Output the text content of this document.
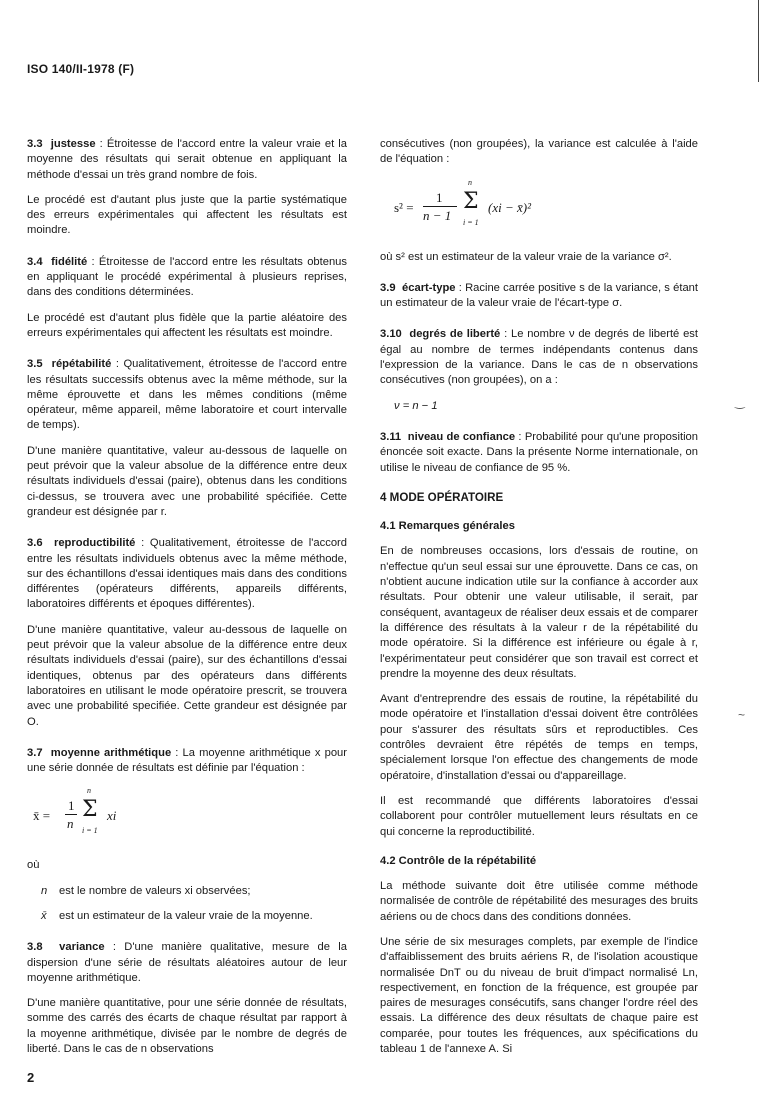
ISO 140/II-1978 (F)

3.3 justesse : Étroitesse de l'accord entre la valeur vraie et la moyenne des résultats qui serait obtenue en appliquant la méthode d'essai un très grand nombre de fois.

Le procédé est d'autant plus juste que la partie systématique des erreurs expérimentales qui affectent les résultats est moindre.

3.4 fidélité : Étroitesse de l'accord entre les résultats obtenus en appliquant le procédé expérimental à plusieurs reprises, dans des conditions déterminées.

Le procédé est d'autant plus fidèle que la partie aléatoire des erreurs expérimentales qui affectent les résultats est moindre.

3.5 répétabilité : Qualitativement, étroitesse de l'accord entre les résultats successifs obtenus avec la même méthode, sur la même éprouvette et dans les mêmes conditions (même opérateur, même appareil, même laboratoire et court intervalle de temps).

D'une manière quantitative, valeur au-dessous de laquelle on peut prévoir que la valeur absolue de la différence entre deux résultats individuels d'essai (paire), obtenus dans les conditions ci-dessus, se trouvera avec une probabilité spécifiée. Cette grandeur est désignée par r.

3.6 reproductibilité : Qualitativement, étroitesse de l'accord entre les résultats individuels obtenus avec la même méthode, sur des échantillons d'essai identiques mais dans des conditions différentes (opérateurs différents, appareils différents, laboratoires différents et époques différentes).

D'une manière quantitative, valeur au-dessous de laquelle on peut prévoir que la valeur absolue de la différence entre deux résultats individuels d'essai (paire), sur des échantillons d'essai identiques, obtenus par des opérateurs dans différents laboratoires en utilisant le mode opératoire prescrit, se trouvera avec une probabilité specifiée. Cette grandeur est désignée par O.

3.7 moyenne arithmétique : La moyenne arithmétique x pour une série donnée de résultats est définie par l'équation :

x̄ =
1
n
n
Σ
i = 1
xi

où

n	est le nombre de valeurs xi observées;
x̄	est un estimateur de la valeur vraie de la moyenne.

3.8 variance : D'une manière qualitative, mesure de la dispersion d'une série de résultats aléatoires autour de leur moyenne arithmétique.

D'une manière quantitative, pour une série donnée de résultats, somme des carrés des écarts de chaque résultat par rapport à la moyenne arithmétique, divisée par le nombre de degrés de liberté. Dans le cas de n observations

consécutives (non groupées), la variance est calculée à l'aide de l'équation :

s² =
1
n − 1
n
Σ
i = 1
(xi − x̄)²

où s² est un estimateur de la valeur vraie de la variance σ².

3.9 écart-type : Racine carrée positive s de la variance, s étant un estimateur de la valeur vraie de l'écart-type σ.

3.10 degrés de liberté : Le nombre ν de degrés de liberté est égal au nombre de termes indépendants contenus dans l'expression de la variance. Dans le cas de n observations consécutives (non groupées), on a :

ν = n − 1

3.11 niveau de confiance : Probabilité pour qu'une proposition énoncée soit exacte. Dans la présente Norme internationale, on utilise le niveau de confiance de 95 %.

4 MODE OPÉRATOIRE
4.1 Remarques générales

En de nombreuses occasions, lors d'essais de routine, on n'effectue qu'un seul essai sur une éprouvette. Dans ce cas, on n'obtient aucune indication utile sur la confiance à accorder aux résultats. Pour obtenir une valeur utilisable, il serait, par conséquent, avantageux de réaliser deux essais et de comparer la différence des résultats à la valeur r de la répétabilité du mode opératoire. Si la différence est inférieure ou égale à r, l'expérimentateur peut considérer que son travail est correct et prendre la moyenne des deux résultats.

Avant d'entreprendre des essais de routine, la répétabilité du mode opératoire et l'installation d'essai doivent être contrôlées pour s'assurer des résultats sûrs et reproductibles. Ces contrôles devraient être répétés de temps en temps, spécialement lorsque l'on effectue des changements de mode opératoire, d'installation d'essai ou d'appareillage.

Il est recommandé que différents laboratoires d'essai collaborent pour contrôler mutuellement leurs résultats en ce qui concerne la reproductibilité.

4.2 Contrôle de la répétabilité

La méthode suivante doit être utilisée comme méthode normalisée de contrôle de répétabilité des mesurages des bruits aériens ou de chocs dans des conditions données.

Une série de six mesurages complets, par exemple de l'indice d'affaiblissement des bruits aériens R, de l'isolation acoustique normalisée DnT ou du niveau de bruit d'impact normalisé Ln, respectivement, en fonction de la fréquence, est groupée par paires de mesurages consécutifs, sans changer l'ordre réel des essais. La différence des deux résultats de chaque paire est comparée, pour toutes les fréquences, aux spécifications du tableau 1 de l'annexe A. Si

‿
~
2
